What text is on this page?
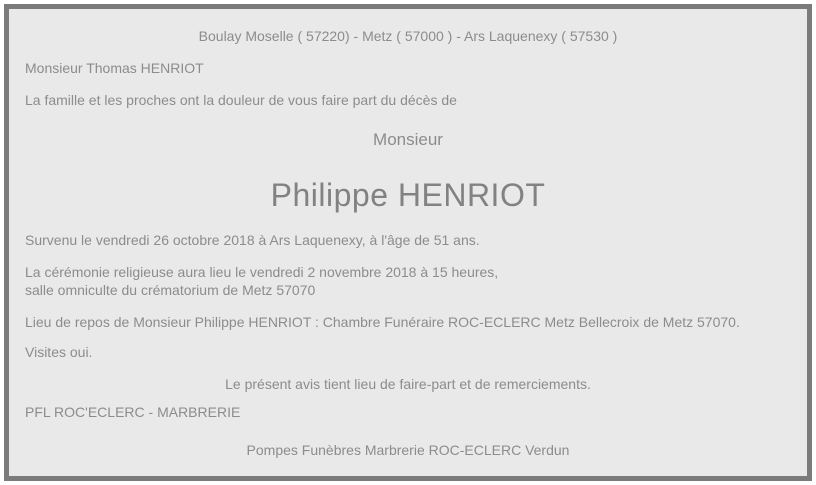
Boulay Moselle ( 57220) - Metz ( 57000 ) - Ars Laquenexy ( 57530 )

Monsieur Thomas HENRIOT

La famille et les proches ont la douleur de vous faire part du décès de

Monsieur

Philippe HENRIOT

Survenu le vendredi 26 octobre 2018 à Ars Laquenexy, à l'âge de 51 ans.

La cérémonie religieuse aura lieu le vendredi 2 novembre 2018 à 15 heures,
salle omniculte du crématorium de Metz 57070

Lieu de repos de Monsieur Philippe HENRIOT : Chambre Funéraire ROC-ECLERC Metz Bellecroix de Metz 57070.

Visites oui.

Le présent avis tient lieu de faire-part et de remerciements.

PFL ROC'ECLERC - MARBRERIE

Pompes Funèbres Marbrerie ROC-ECLERC Verdun
